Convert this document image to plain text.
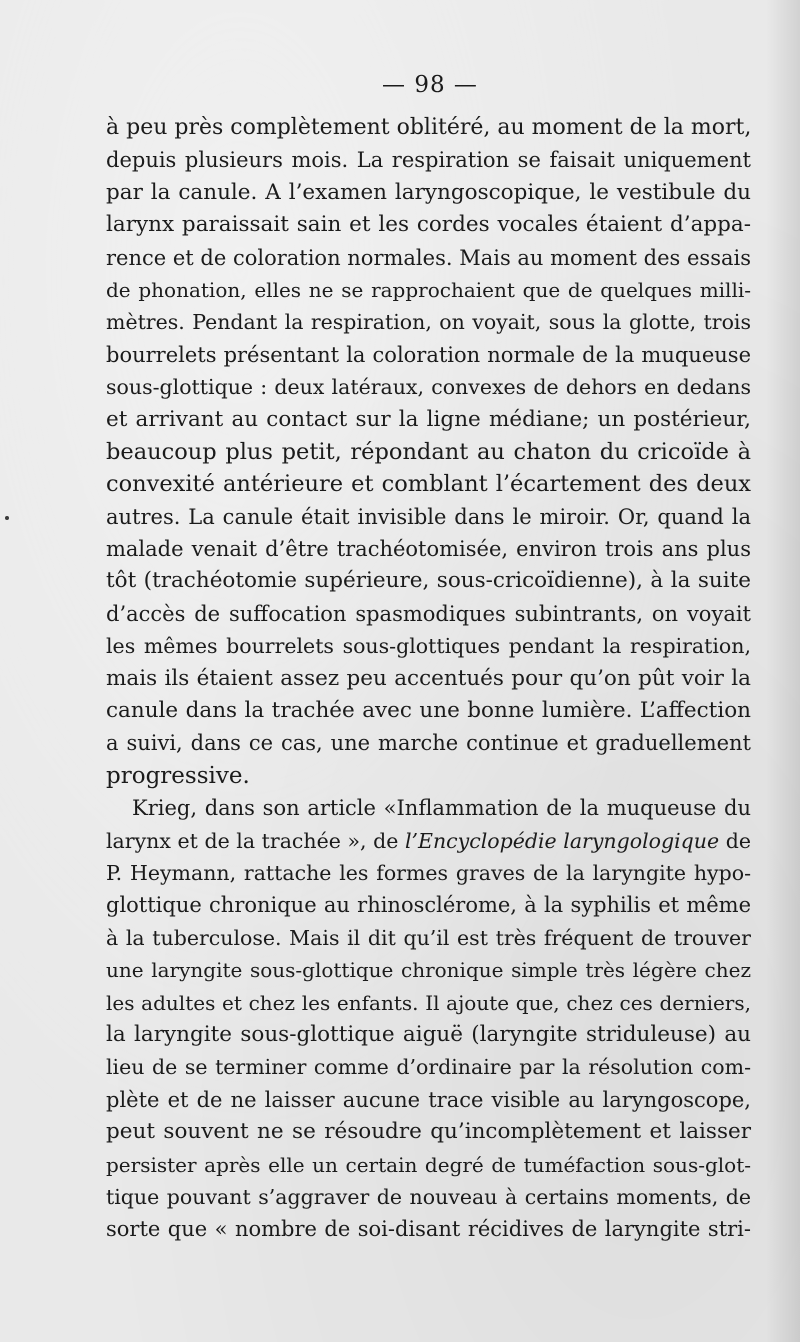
— 98 —
à peu près complètement oblitéré, au moment de la mort,
depuis plusieurs mois. La respiration se faisait uniquement
par la canule. A l’examen laryngoscopique, le vestibule du
larynx paraissait sain et les cordes vocales étaient d’appa-
rence et de coloration normales. Mais au moment des essais
de phonation, elles ne se rapprochaient que de quelques milli-
mètres. Pendant la respiration, on voyait, sous la glotte, trois
bourrelets présentant la coloration normale de la muqueuse
sous-glottique : deux latéraux, convexes de dehors en dedans
et arrivant au contact sur la ligne médiane; un postérieur,
beaucoup plus petit, répondant au chaton du cricoïde à
convexité antérieure et comblant l’écartement des deux
autres. La canule était invisible dans le miroir. Or, quand la
malade venait d’être trachéotomisée, environ trois ans plus
tôt (trachéotomie supérieure, sous-cricoïdienne), à la suite
d’accès de suffocation spasmodiques subintrants, on voyait
les mêmes bourrelets sous-glottiques pendant la respiration,
mais ils étaient assez peu accentués pour qu’on pût voir la
canule dans la trachée avec une bonne lumière. L’affection
a suivi, dans ce cas, une marche continue et graduellement
progressive.
Krieg, dans son article «Inflammation de la muqueuse du
larynx et de la trachée », de l’Encyclopédie laryngologique de
P. Heymann, rattache les formes graves de la laryngite hypo-
glottique chronique au rhinosclérome, à la syphilis et même
à la tuberculose. Mais il dit qu’il est très fréquent de trouver
une laryngite sous-glottique chronique simple très légère chez
les adultes et chez les enfants. Il ajoute que, chez ces derniers,
la laryngite sous-glottique aiguë (laryngite striduleuse) au
lieu de se terminer comme d’ordinaire par la résolution com-
plète et de ne laisser aucune trace visible au laryngoscope,
peut souvent ne se résoudre qu’incomplètement et laisser
persister après elle un certain degré de tuméfaction sous-glot-
tique pouvant s’aggraver de nouveau à certains moments, de
sorte que « nombre de soi-disant récidives de laryngite stri-
